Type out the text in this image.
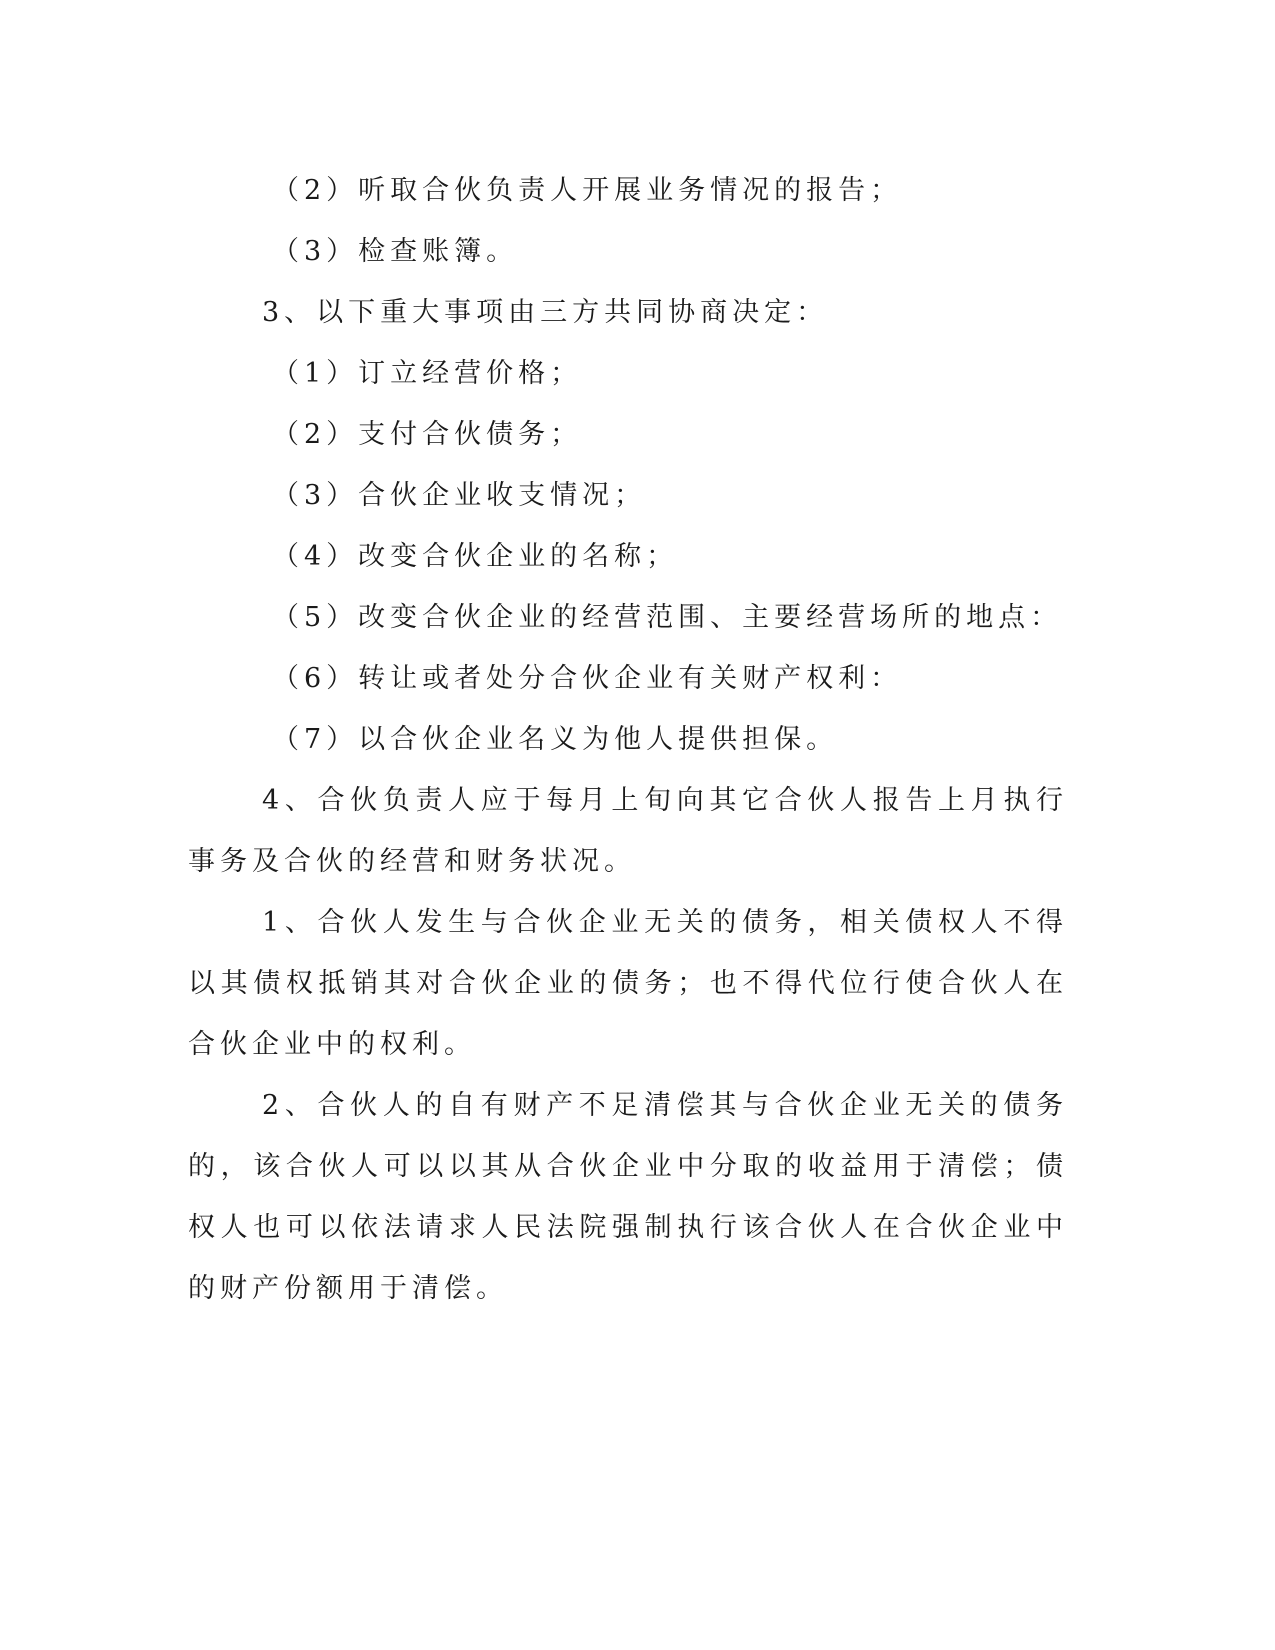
（2）听取合伙负责人开展业务情况的报告；
（3）检查账簿。
3、以下重大事项由三方共同协商决定：
（1）订立经营价格；
（2）支付合伙债务；
（3）合伙企业收支情况；
（4）改变合伙企业的名称；
（5）改变合伙企业的经营范围、主要经营场所的地点：
（6）转让或者处分合伙企业有关财产权利：
（7）以合伙企业名义为他人提供担保。

4、合伙负责人应于每月上旬向其它合伙人报告上月执行事务及合伙的经营和财务状况。

1、合伙人发生与合伙企业无关的债务，相关债权人不得以其债权抵销其对合伙企业的债务；也不得代位行使合伙人在合伙企业中的权利。

2、合伙人的自有财产不足清偿其与合伙企业无关的债务的，该合伙人可以以其从合伙企业中分取的收益用于清偿；债权人也可以依法请求人民法院强制执行该合伙人在合伙企业中的财产份额用于清偿。
